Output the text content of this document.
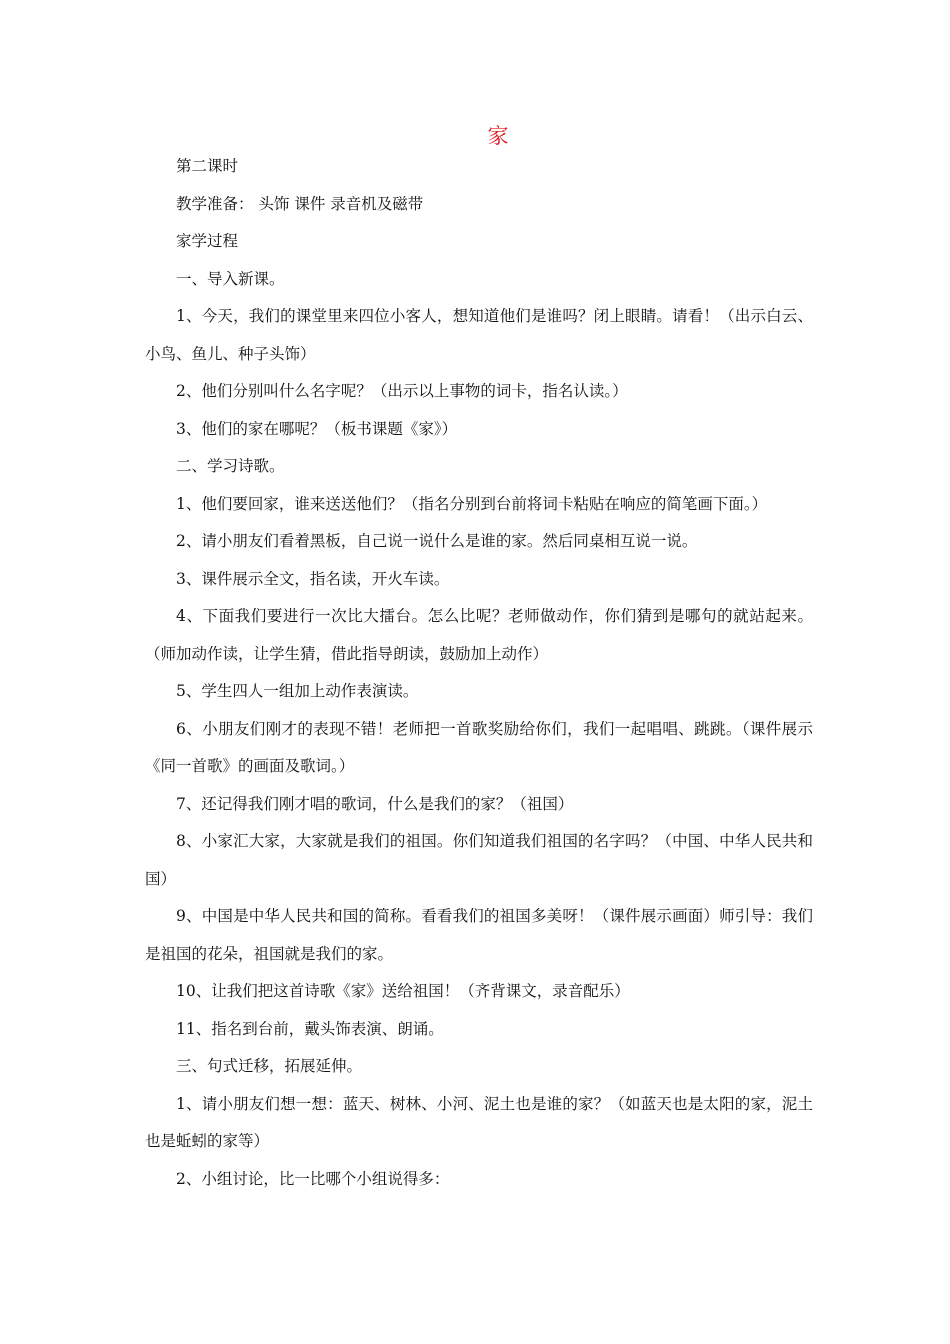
家

第二课时

教学准备： 头饰 课件 录音机及磁带

家学过程

一、导入新课。

1、今天，我们的课堂里来四位小客人，想知道他们是谁吗？闭上眼睛。请看！（出示白云、小鸟、鱼儿、种子头饰）

2、他们分别叫什么名字呢？（出示以上事物的词卡，指名认读。）

3、他们的家在哪呢？（板书课题《家》）

二、学习诗歌。

1、他们要回家，谁来送送他们？（指名分别到台前将词卡粘贴在响应的简笔画下面。）

2、请小朋友们看着黑板，自己说一说什么是谁的家。然后同桌相互说一说。

3、课件展示全文，指名读，开火车读。

4、下面我们要进行一次比大擂台。怎么比呢？老师做动作，你们猜到是哪句的就站起来。（师加动作读，让学生猜，借此指导朗读，鼓励加上动作）

5、学生四人一组加上动作表演读。

6、小朋友们刚才的表现不错！老师把一首歌奖励给你们，我们一起唱唱、跳跳。（课件展示《同一首歌》的画面及歌词。）

7、还记得我们刚才唱的歌词，什么是我们的家？（祖国）

8、小家汇大家，大家就是我们的祖国。你们知道我们祖国的名字吗？（中国、中华人民共和国）

9、中国是中华人民共和国的简称。看看我们的祖国多美呀！（课件展示画面）师引导：我们是祖国的花朵，祖国就是我们的家。

10、让我们把这首诗歌《家》送给祖国！（齐背课文，录音配乐）

11、指名到台前，戴头饰表演、朗诵。

三、句式迁移，拓展延伸。

1、请小朋友们想一想：蓝天、树林、小河、泥土也是谁的家？（如蓝天也是太阳的家，泥土也是蚯蚓的家等）

2、小组讨论，比一比哪个小组说得多：
